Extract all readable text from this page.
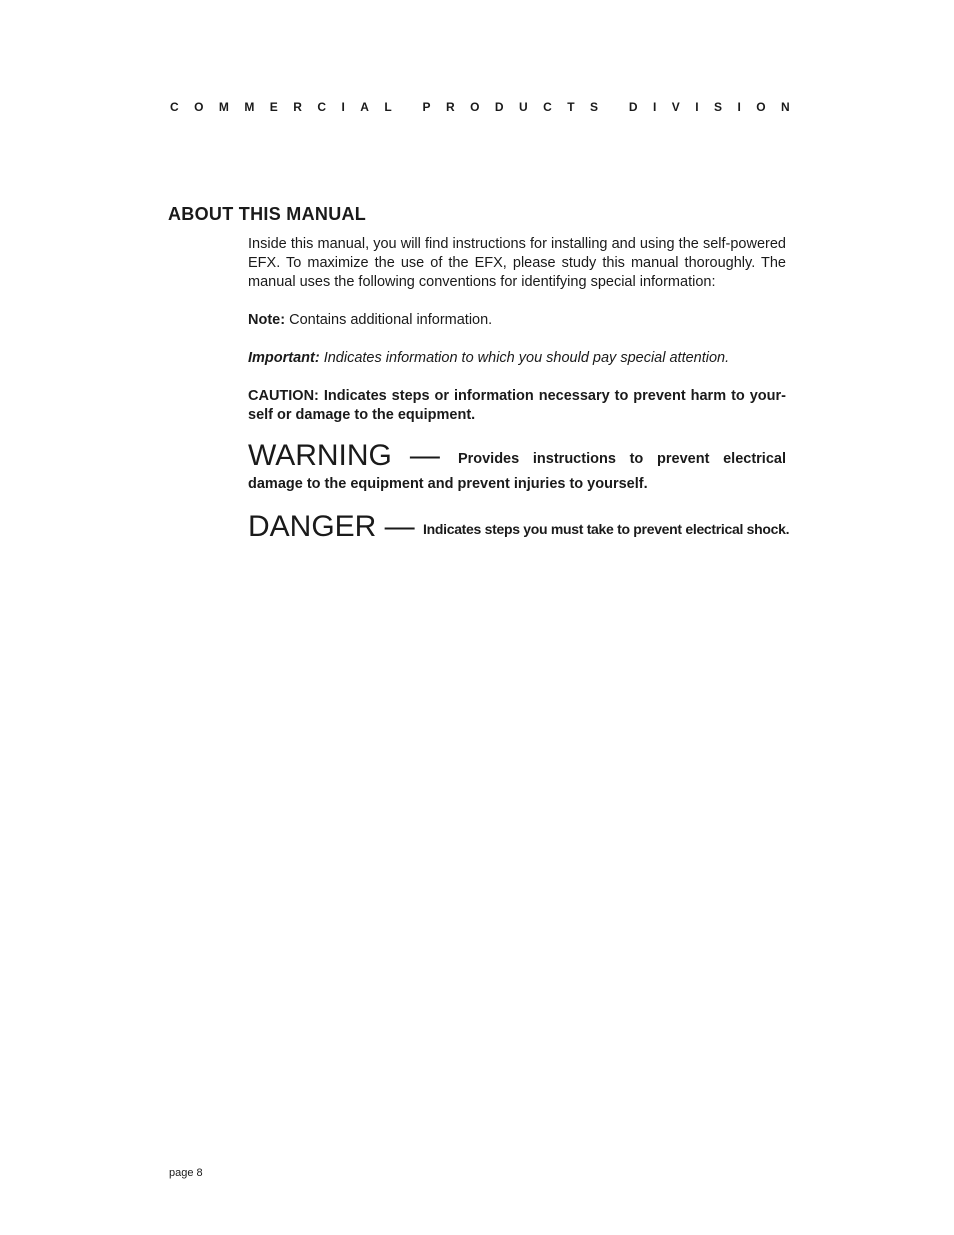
C O M M E R C I A L	P R O D U C T S	D I V I S I O N
ABOUT THIS MANUAL

Inside this manual, you will find instructions for installing and using the self-powered EFX. To maximize the use of the EFX, please study this manual thoroughly. The manual uses the following conventions for identifying special information:

Note: Contains additional information.

Important: Indicates information to which you should pay special attention.

CAUTION: Indicates steps or information necessary to prevent harm to yourself or damage to the equipment.

WARNING — Provides instructions to prevent electrical damage to the equipment and prevent injuries to yourself.

DANGER — Indicates steps you must take to prevent electrical shock.

page 8
